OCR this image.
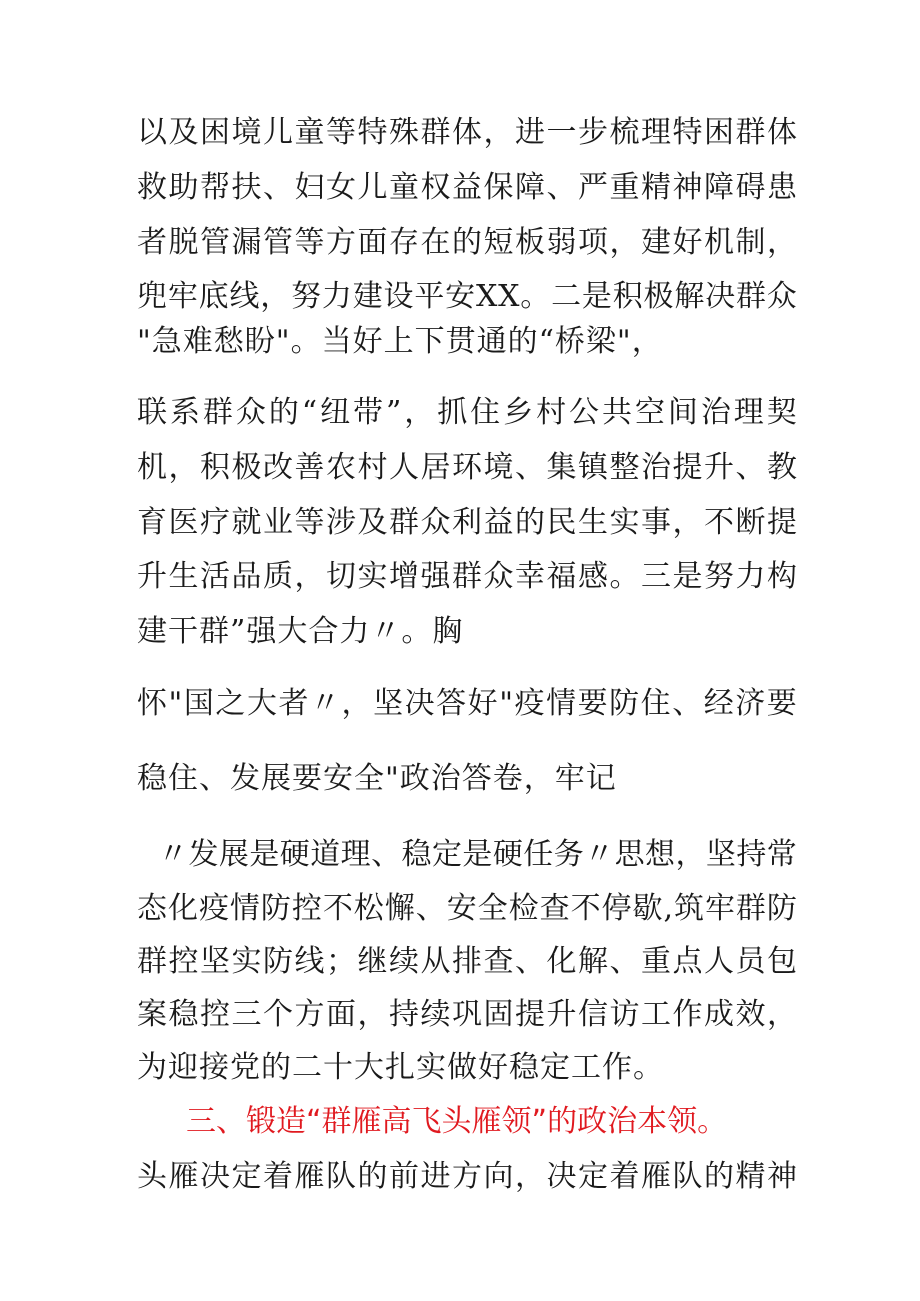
以 及 困 境 儿 童 等 特 殊 群 体 ， 进 一 步 梳 理 特 困 群 体
救 助 帮 扶 、 妇 女 儿 童 权 益 保 障 、 严 重 精 神 障 碍 患
者 脱 管 漏 管 等 方 面 存 在 的 短 板 弱 项 ， 建 好 机 制 ，
兜 牢 底 线 ， 努 力 建 设 平 安 X X 。 二 是 积 极 解 决 群 众
"急难愁盼"。当好上下贯通的“桥梁"，
联 系 群 众 的 “ 纽 带 ” ， 抓 住 乡 村 公 共 空 间 治 理 契
机 ， 积 极 改 善 农 村 人 居 环 境 、 集 镇 整 治 提 升 、 教
育 医 疗 就 业 等 涉 及 群 众 利 益 的 民 生 实 事 ， 不 断 提
升 生 活 品 质 ， 切 实 增 强 群 众 幸 福 感 。 三 是 努 力 构
建干群”强大合力〃。胸
怀 " 国 之 大 者 〃 ， 坚 决 答 好 " 疫 情 要 防 住 、 经 济 要
稳住、发展要安全"政治答卷，牢记
〃 发 展 是 硬 道 理 、 稳 定 是 硬 任 务 〃 思 想 ， 坚 持 常
态 化 疫 情 防 控 不 松 懈 、 安 全 检 查 不 停 歇 , 筑 牢 群 防
群 控 坚 实 防 线 ； 继 续 从 排 查 、 化 解 、 重 点 人 员 包
案 稳 控 三 个 方 面 ， 持 续 巩 固 提 升 信 访 工 作 成 效 ，
为迎接党的二十大扎实做好稳定工作。
三、锻造“群雁高飞头雁领”的政治本领。
头 雁 决 定 着 雁 队 的 前 进 方 向 ， 决 定 着 雁 队 的 精 神
